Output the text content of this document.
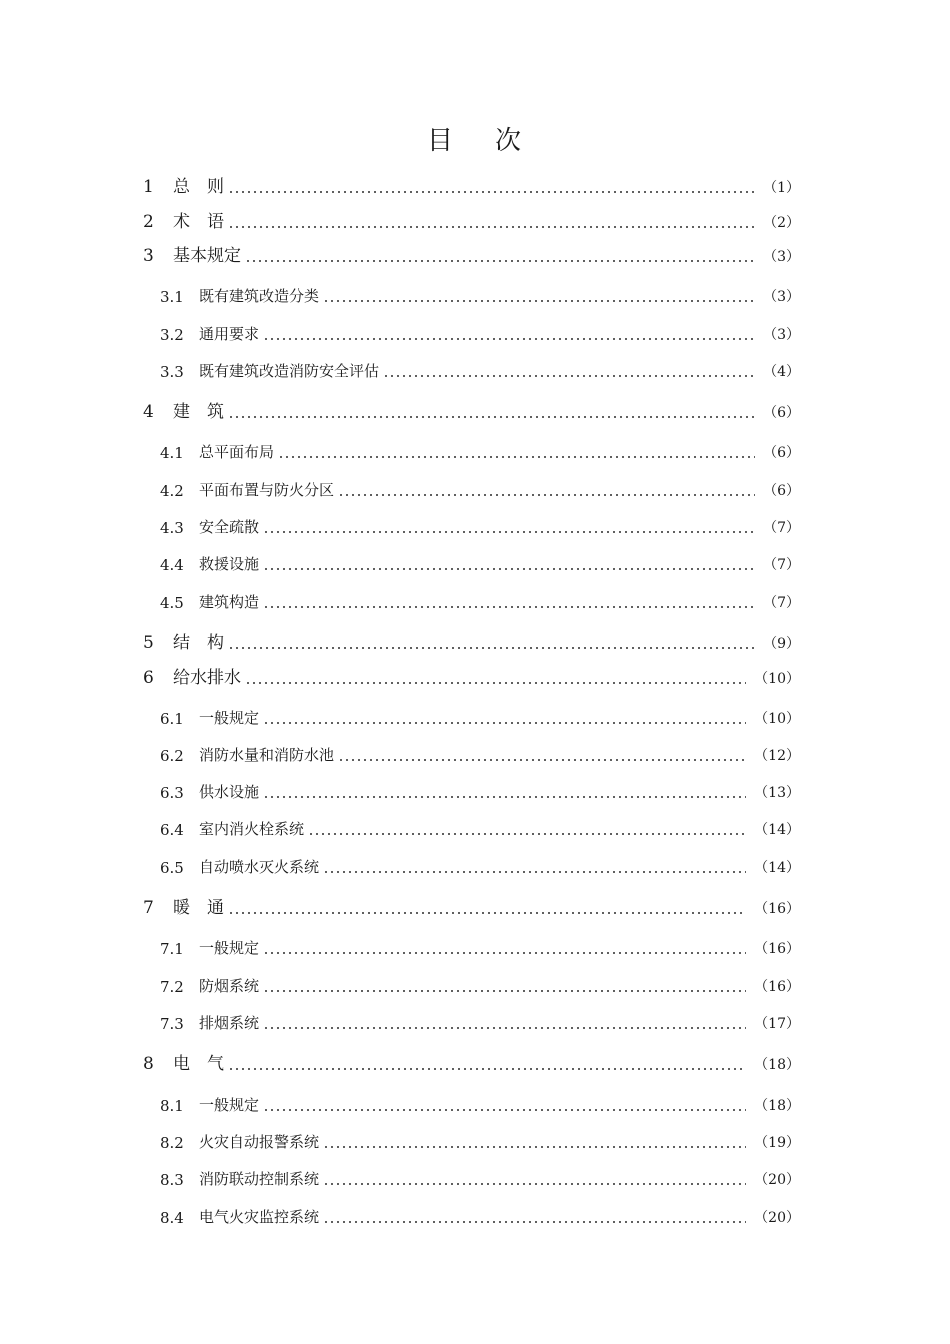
目 次
1 总　则	（1）
2 术　语	（2）
3 基本规定	（3）
3.1 既有建筑改造分类	（3）
3.2 通用要求	（3）
3.3 既有建筑改造消防安全评估	（4）
4 建　筑	（6）
4.1 总平面布局	（6）
4.2 平面布置与防火分区	（6）
4.3 安全疏散	（7）
4.4 救援设施	（7）
4.5 建筑构造	（7）
5 结　构	（9）
6 给水排水	（10）
6.1 一般规定	（10）
6.2 消防水量和消防水池	（12）
6.3 供水设施	（13）
6.4 室内消火栓系统	（14）
6.5 自动喷水灭火系统	（14）
7 暖　通	（16）
7.1 一般规定	（16）
7.2 防烟系统	（16）
7.3 排烟系统	（17）
8 电　气	（18）
8.1 一般规定	（18）
8.2 火灾自动报警系统	（19）
8.3 消防联动控制系统	（20）
8.4 电气火灾监控系统	（20）
